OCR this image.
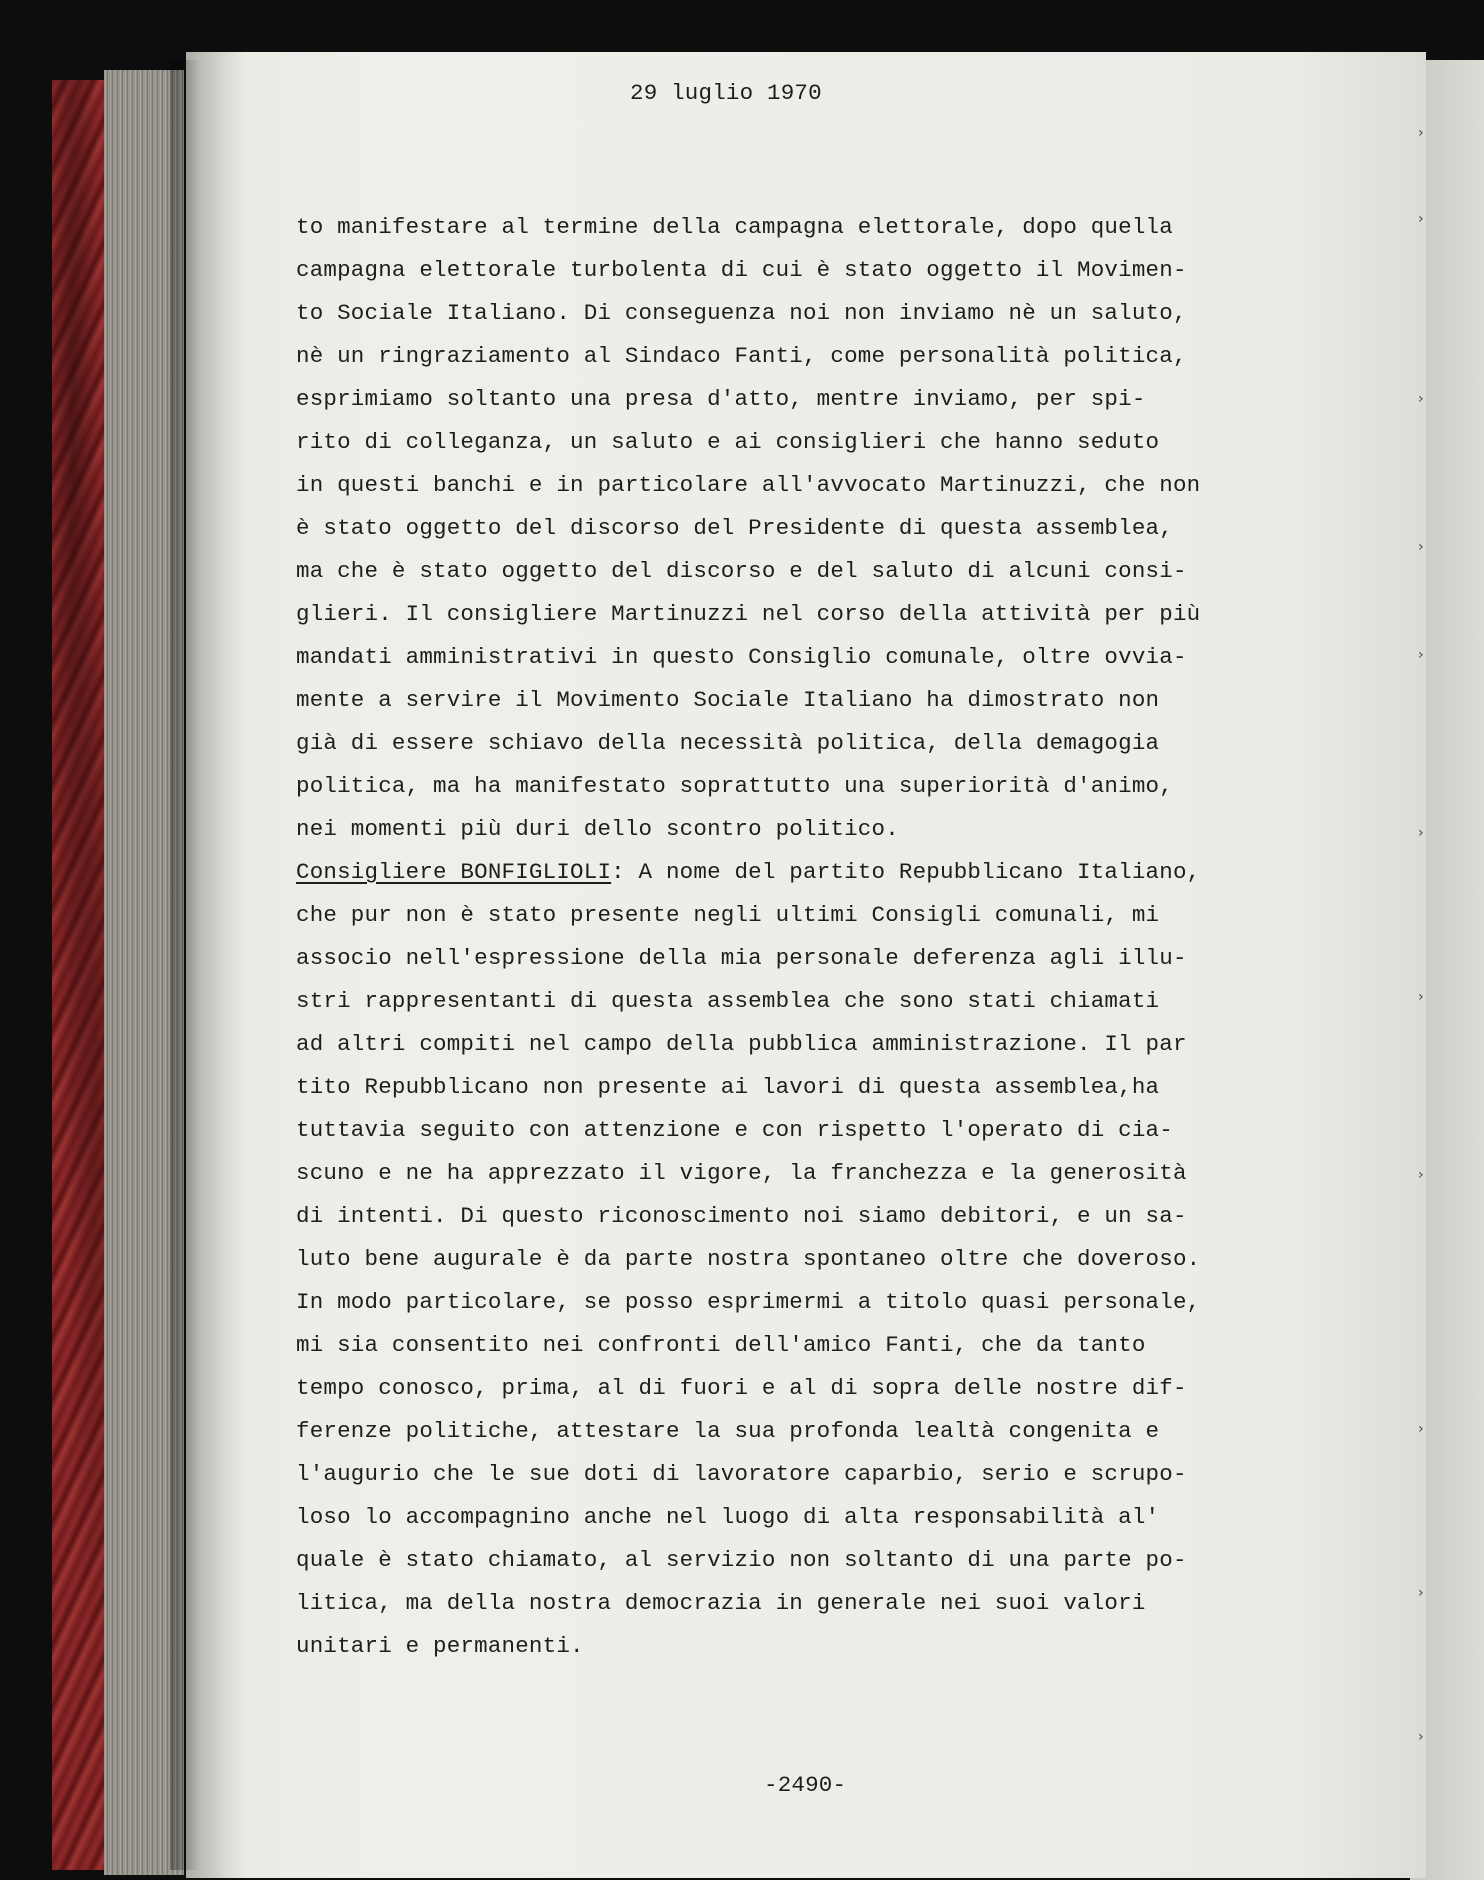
›
›
›
›
›
›
›
›
›
›
›
29 luglio 1970
to manifestare al termine della campagna elettorale, dopo quella
campagna elettorale turbolenta di cui è stato oggetto il Movimen-
to Sociale Italiano. Di conseguenza noi non inviamo nè un saluto,
nè un ringraziamento al Sindaco Fanti, come personalità politica,
esprimiamo soltanto una presa d'atto, mentre inviamo, per spi-
rito di colleganza, un saluto e ai consiglieri che hanno seduto
in questi banchi e in particolare all'avvocato Martinuzzi, che non
è stato oggetto del discorso del Presidente di questa assemblea,
ma che è stato oggetto del discorso e del saluto di alcuni consi-
glieri. Il consigliere Martinuzzi nel corso della attività per più
mandati amministrativi in questo Consiglio comunale, oltre ovvia-
mente a servire il Movimento Sociale Italiano ha dimostrato non
già di essere schiavo della necessità politica, della demagogia
politica, ma ha manifestato soprattutto una superiorità d'animo,
nei momenti più duri dello scontro politico.
Consigliere BONFIGLIOLI: A nome del partito Repubblicano Italiano,
che pur non è stato presente negli ultimi Consigli comunali, mi
associo nell'espressione della mia personale deferenza agli illu-
stri rappresentanti di questa assemblea che sono stati chiamati
ad altri compiti nel campo della pubblica amministrazione. Il par
tito Repubblicano non presente ai lavori di questa assemblea,ha
tuttavia seguito con attenzione e con rispetto l'operato di cia-
scuno e ne ha apprezzato il vigore, la franchezza e la generosità
di intenti. Di questo riconoscimento noi siamo debitori, e un sa-
luto bene augurale è da parte nostra spontaneo oltre che doveroso.
In modo particolare, se posso esprimermi a titolo quasi personale,
mi sia consentito nei confronti dell'amico Fanti, che da tanto
tempo conosco, prima, al di fuori e al di sopra delle nostre dif-
ferenze politiche, attestare la sua profonda lealtà congenita e
l'augurio che le sue doti di lavoratore caparbio, serio e scrupo-
loso lo accompagnino anche nel luogo di alta responsabilità al'
quale è stato chiamato, al servizio non soltanto di una parte po-
litica, ma della nostra democrazia in generale nei suoi valori
unitari e permanenti.
-2490-
